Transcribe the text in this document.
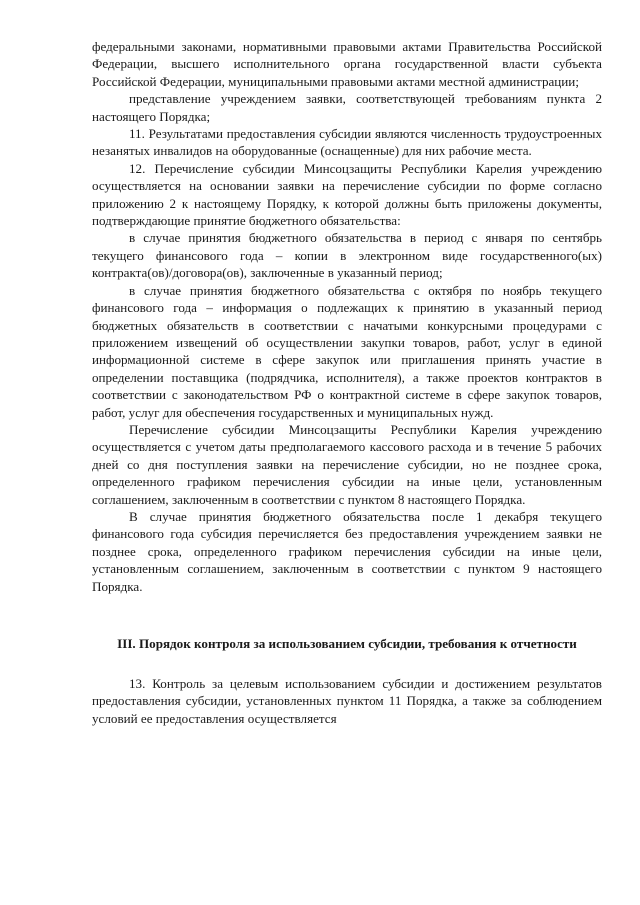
федеральными законами, нормативными правовыми актами Правительства Российской Федерации, высшего исполнительного органа государственной власти субъекта Российской Федерации, муниципальными правовыми актами местной администрации;

представление учреждением заявки, соответствующей требованиям пункта 2 настоящего Порядка;

11. Результатами предоставления субсидии являются численность трудоустроенных незанятых инвалидов на оборудованные (оснащенные) для них рабочие места.

12. Перечисление субсидии Минсоцзащиты Республики Карелия учреждению осуществляется на основании заявки на перечисление субсидии по форме согласно приложению 2 к настоящему Порядку, к которой должны быть приложены документы, подтверждающие принятие бюджетного обязательства:

в случае принятия бюджетного обязательства в период с января по сентябрь текущего финансового года – копии в электронном виде государственного(ых) контракта(ов)/договора(ов), заключенные в указанный период;

в случае принятия бюджетного обязательства с октября по ноябрь текущего финансового года – информация о подлежащих к принятию в указанный период бюджетных обязательств в соответствии с начатыми конкурсными процедурами с приложением извещений об осуществлении закупки товаров, работ, услуг в единой информационной системе в сфере закупок или приглашения принять участие в определении поставщика (подрядчика, исполнителя), а также проектов контрактов в соответствии с законодательством РФ о контрактной системе в сфере закупок товаров, работ, услуг для обеспечения государственных и муниципальных нужд.

Перечисление субсидии Минсоцзащиты Республики Карелия учреждению осуществляется с учетом даты предполагаемого кассового расхода и в течение 5 рабочих дней со дня поступления заявки на перечисление субсидии, но не позднее срока, определенного графиком перечисления субсидии на иные цели, установленным соглашением, заключенным в соответствии с пунктом 8 настоящего Порядка.

В случае принятия бюджетного обязательства после 1 декабря текущего финансового года субсидия перечисляется без предоставления учреждением заявки не позднее срока, определенного графиком перечисления субсидии на иные цели, установленным соглашением, заключенным в соответствии с пунктом 9 настоящего Порядка.

III. Порядок контроля за использованием субсидии, требования к отчетности

13. Контроль за целевым использованием субсидии и достижением результатов предоставления субсидии, установленных пунктом 11 Порядка, а также за соблюдением условий ее предоставления осуществляется
